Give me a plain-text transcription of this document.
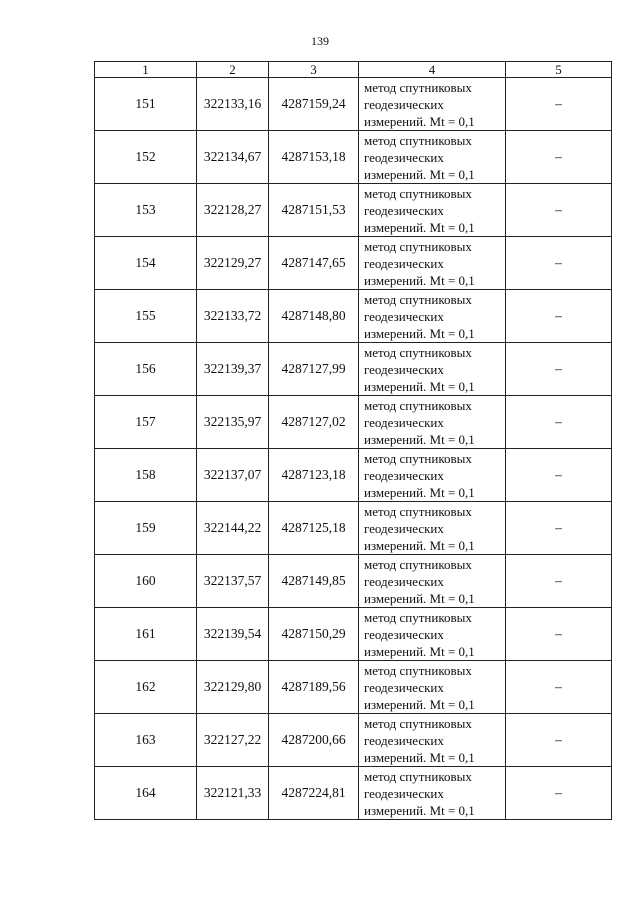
139
1	2	3	4	5
151	322133,16	4287159,24	метод спутниковых
геодезических
измерений. Mt = 0,1	–
152	322134,67	4287153,18	метод спутниковых
геодезических
измерений. Mt = 0,1	–
153	322128,27	4287151,53	метод спутниковых
геодезических
измерений. Mt = 0,1	–
154	322129,27	4287147,65	метод спутниковых
геодезических
измерений. Mt = 0,1	–
155	322133,72	4287148,80	метод спутниковых
геодезических
измерений. Mt = 0,1	–
156	322139,37	4287127,99	метод спутниковых
геодезических
измерений. Mt = 0,1	–
157	322135,97	4287127,02	метод спутниковых
геодезических
измерений. Mt = 0,1	–
158	322137,07	4287123,18	метод спутниковых
геодезических
измерений. Mt = 0,1	–
159	322144,22	4287125,18	метод спутниковых
геодезических
измерений. Mt = 0,1	–
160	322137,57	4287149,85	метод спутниковых
геодезических
измерений. Mt = 0,1	–
161	322139,54	4287150,29	метод спутниковых
геодезических
измерений. Mt = 0,1	–
162	322129,80	4287189,56	метод спутниковых
геодезических
измерений. Mt = 0,1	–
163	322127,22	4287200,66	метод спутниковых
геодезических
измерений. Mt = 0,1	–
164	322121,33	4287224,81	метод спутниковых
геодезических
измерений. Mt = 0,1	–
